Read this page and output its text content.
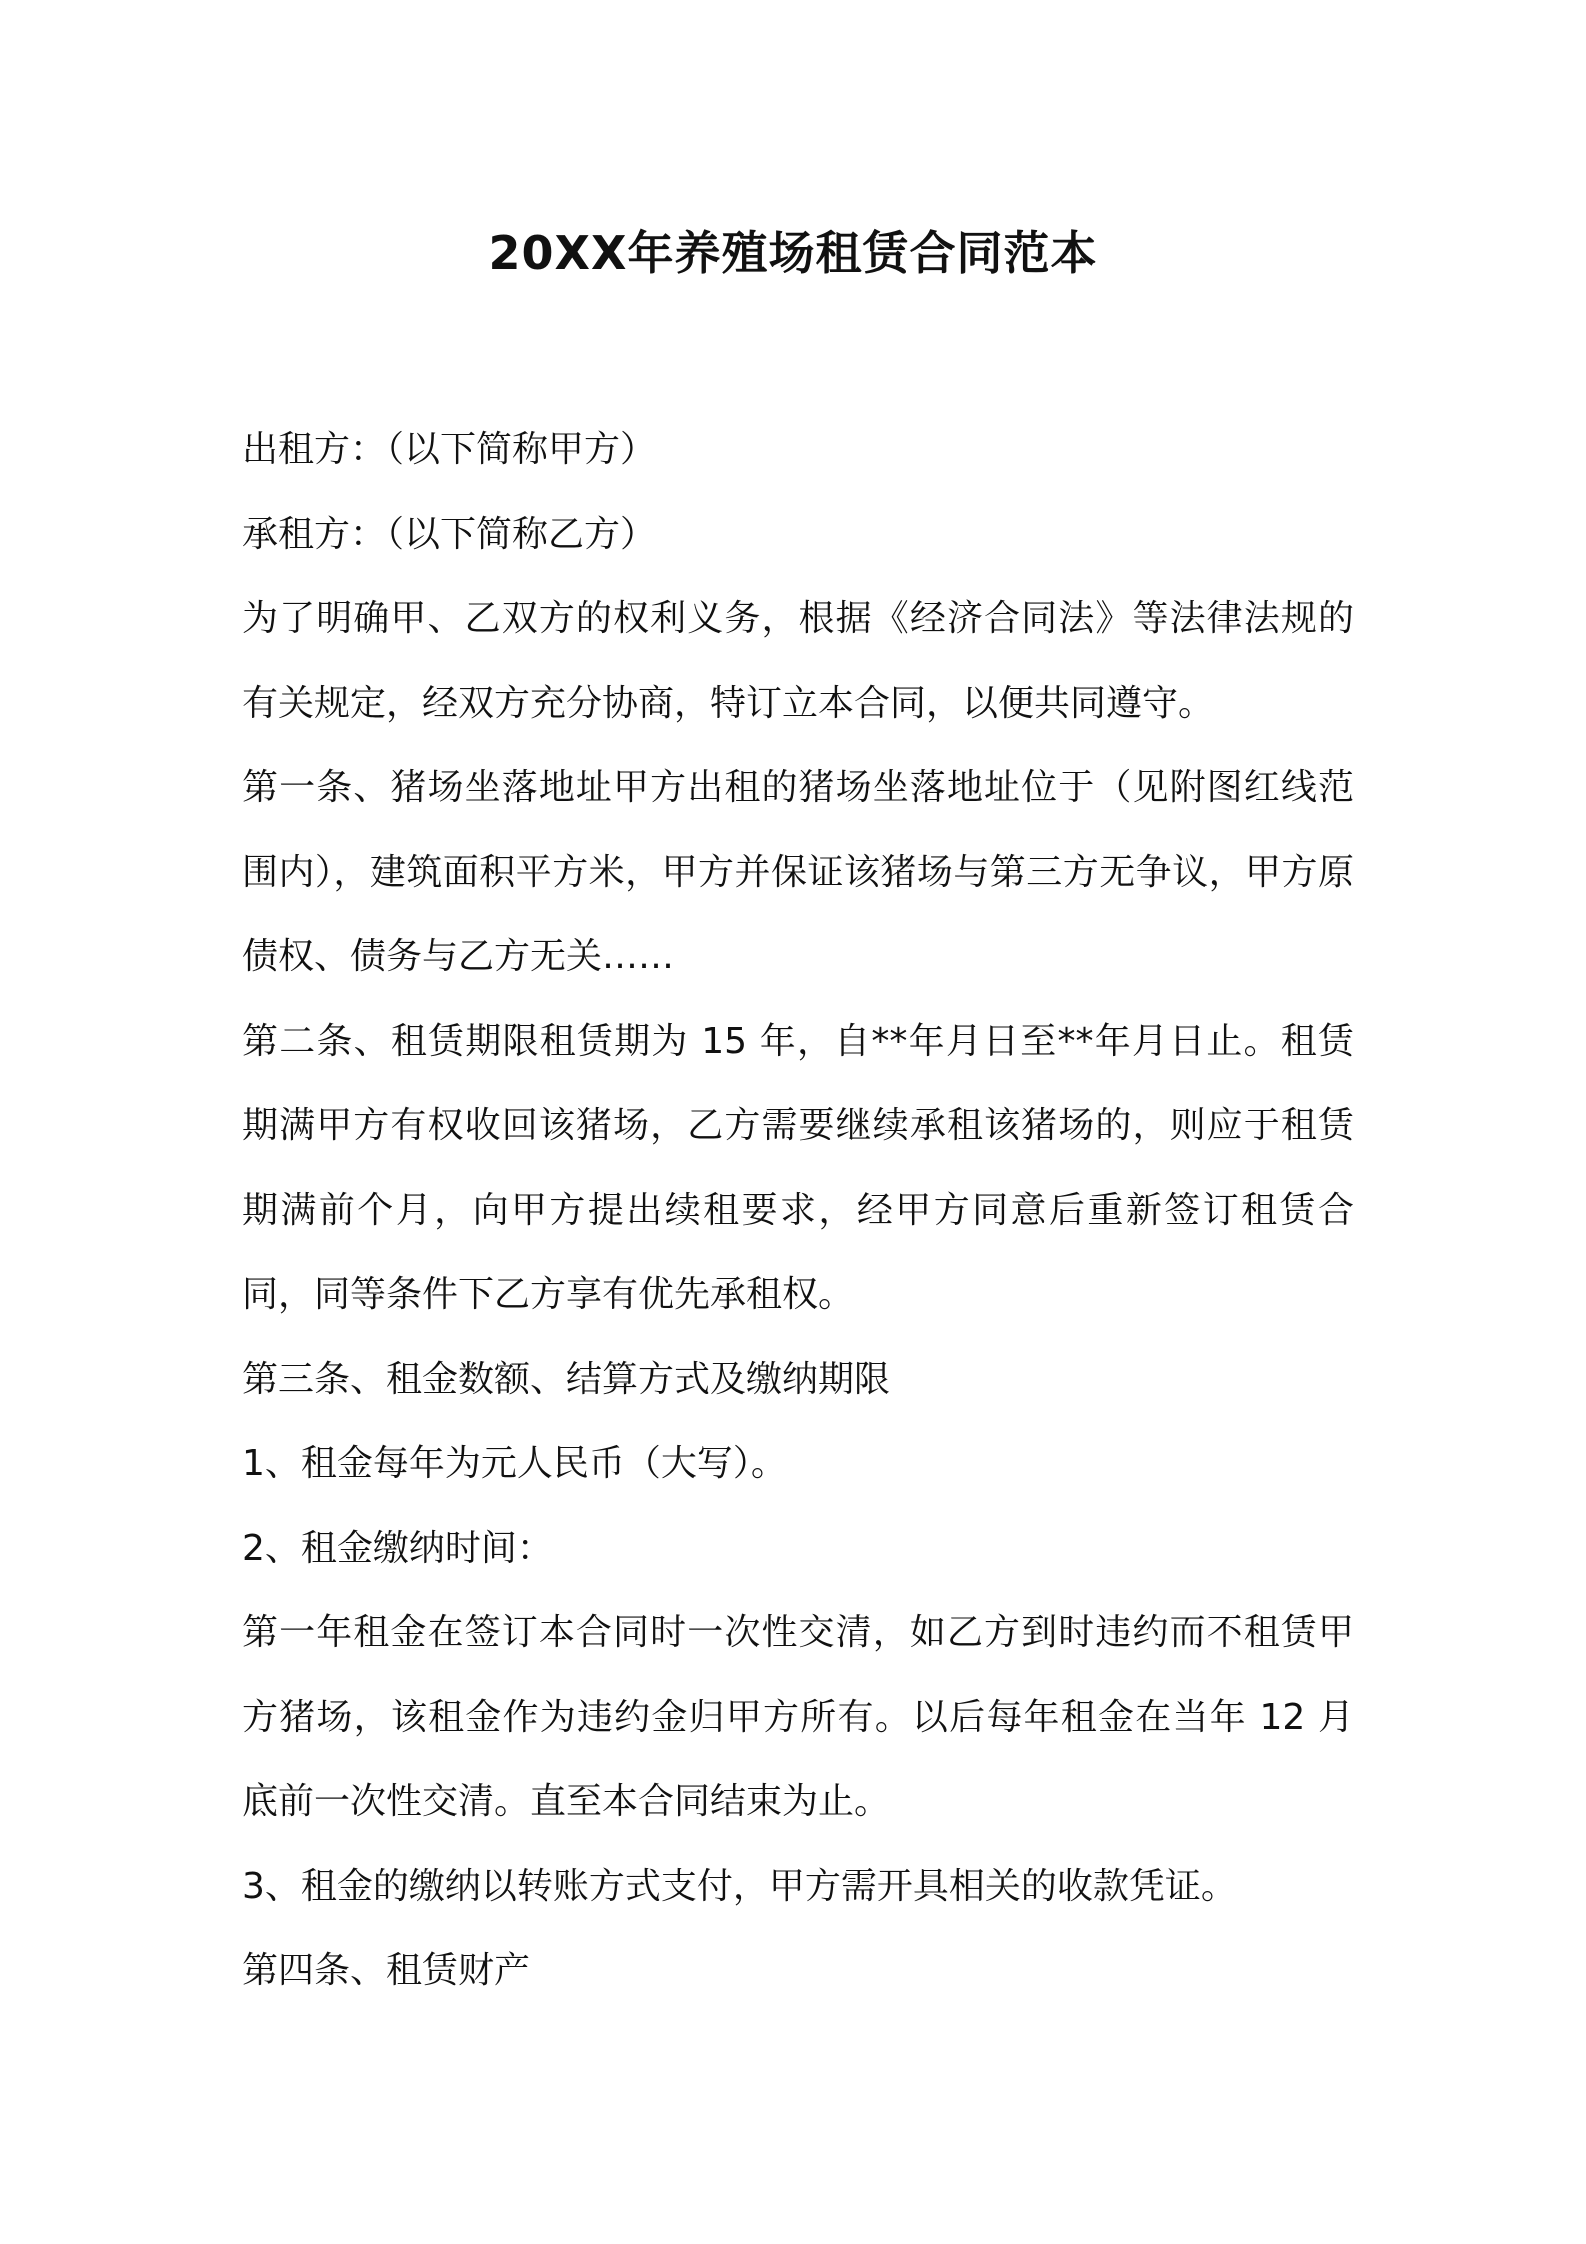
20XX年养殖场租赁合同范本

出租方：（以下简称甲方）

承租方：（以下简称乙方）

为了明确甲、乙双方的权利义务，根据《经济合同法》等法律法规的有关规定，经双方充分协商，特订立本合同，以便共同遵守。

第一条、猪场坐落地址甲方出租的猪场坐落地址位于（见附图红线范围内），建筑面积平方米，甲方并保证该猪场与第三方无争议，甲方原债权、债务与乙方无关……

第二条、租赁期限租赁期为 15 年，自**年月日至**年月日止。租赁期满甲方有权收回该猪场，乙方需要继续承租该猪场的，则应于租赁期满前个月，向甲方提出续租要求，经甲方同意后重新签订租赁合同，同等条件下乙方享有优先承租权。

第三条、租金数额、结算方式及缴纳期限

1、租金每年为元人民币（大写）。

2、租金缴纳时间：

第一年租金在签订本合同时一次性交清，如乙方到时违约而不租赁甲方猪场，该租金作为违约金归甲方所有。以后每年租金在当年 12 月底前一次性交清。直至本合同结束为止。

3、租金的缴纳以转账方式支付，甲方需开具相关的收款凭证。

第四条、租赁财产
